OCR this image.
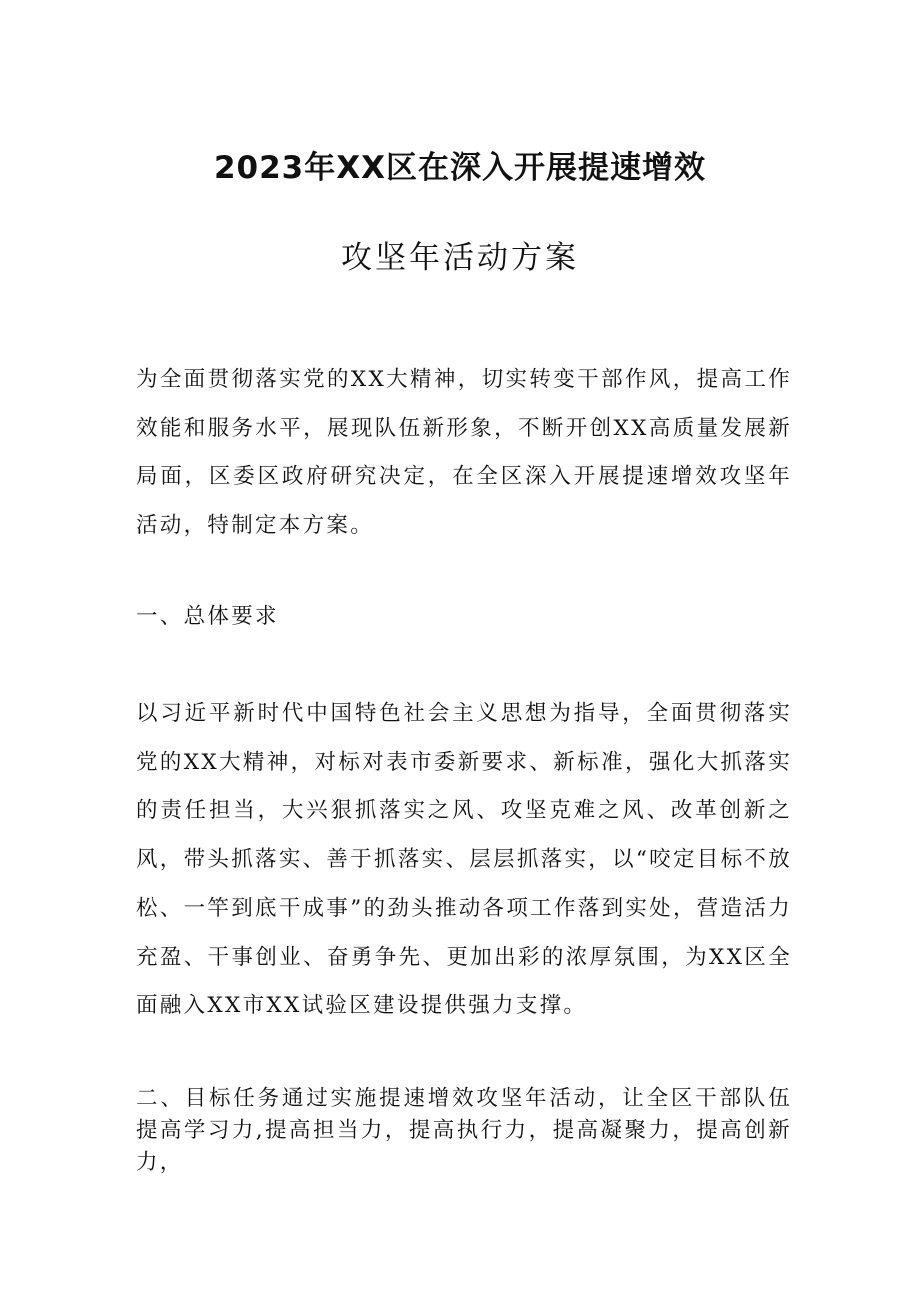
2023年XX区在深入开展提速增效
攻坚年活动方案

为全面贯彻落实党的XX大精神，切实转变干部作风，提高工作效能和服务水平，展现队伍新形象，不断开创XX高质量发展新局面，区委区政府研究决定，在全区深入开展提速增效攻坚年活动，特制定本方案。

一、总体要求

以习近平新时代中国特色社会主义思想为指导，全面贯彻落实党的XX大精神，对标对表市委新要求、新标准，强化大抓落实的责任担当，大兴狠抓落实之风、攻坚克难之风、改革创新之风，带头抓落实、善于抓落实、层层抓落实，以“咬定目标不放松、一竿到底干成事”的劲头推动各项工作落到实处，营造活力充盈、干事创业、奋勇争先、更加出彩的浓厚氛围，为XX区全面融入XX市XX试验区建设提供强力支撑。

二、目标任务通过实施提速增效攻坚年活动，让全区干部队伍提高学习力,提高担当力，提高执行力，提高凝聚力，提高创新力，
